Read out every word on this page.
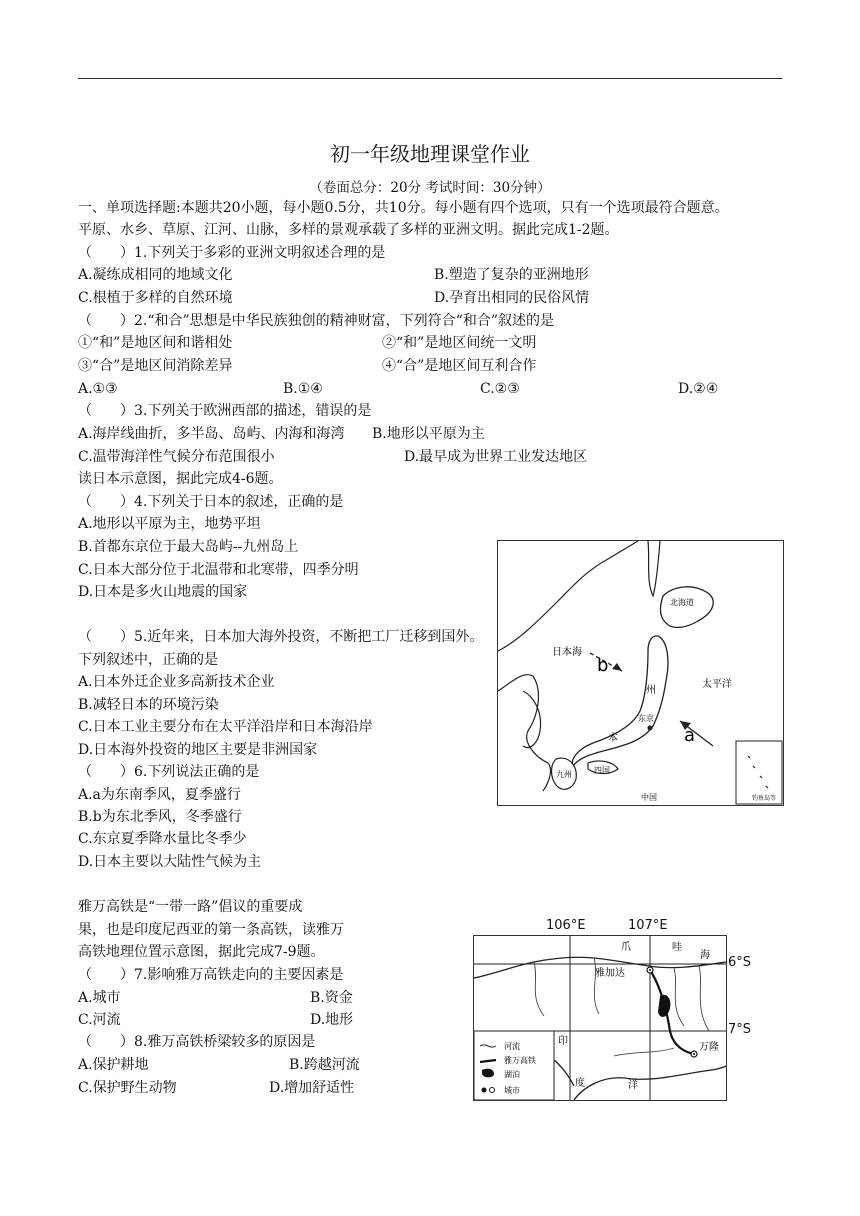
初一年级地理课堂作业
（卷面总分：20分 考试时间：30分钟）
一、单项选择题:本题共20小题，每小题0.5分，共10分。每小题有四个选项，只有一个选项最符合题意。
平原、水乡、草原、江河、山脉，多样的景观承载了多样的亚洲文明。据此完成1-2题。
（　　）1.下列关于多彩的亚洲文明叙述合理的是
A.凝练成相同的地域文化	B.塑造了复杂的亚洲地形
C.根植于多样的自然环境	D.孕育出相同的民俗风情
（　　）2.“和合”思想是中华民族独创的精神财富，下列符合“和合”叙述的是
①“和”是地区间和谐相处	②“和”是地区间统一文明
③“合”是地区间消除差异	④“合”是地区间互利合作
A.①③	B.①④	C.②③	D.②④
（　　）3.下列关于欧洲西部的描述，错误的是
A.海岸线曲折，多半岛、岛屿、内海和海湾 B.地形以平原为主
C.温带海洋性气候分布范围很小	D.最早成为世界工业发达地区
读日本示意图，据此完成4-6题。
（　　）4.下列关于日本的叙述，正确的是
A.地形以平原为主，地势平坦
B.首都东京位于最大岛屿--九州岛上
C.日本大部分位于北温带和北寒带，四季分明
D.日本是多火山地震的国家
（　　）5.近年来，日本加大海外投资，不断把工厂迁移到国外。
下列叙述中，正确的是
A.日本外迁企业多高新技术企业
B.减轻日本的环境污染
C.日本工业主要分布在太平洋沿岸和日本海沿岸
D.日本海外投资的地区主要是非洲国家
（　　）6.下列说法正确的是
A.a为东南季风，夏季盛行
B.b为东北季风，冬季盛行
C.东京夏季降水量比冬季少
D.日本主要以大陆性气候为主
雅万高铁是“一带一路”倡议的重要成
果，也是印度尼西亚的第一条高铁，读雅万
高铁地理位置示意图，据此完成7-9题。
（　　）7.影响雅万高铁走向的主要因素是
A.城市	B.资金
C.河流	D.地形
（　　）8.雅万高铁桥梁较多的原因是
A.保护耕地	B.跨越河流
C.保护野生动物	D.增加舒适性
北海道
日本海
b
太平洋
东京
a
州
本
四国
九州
中国	钓鱼岛等
106°E	107°E
6°S
7°S
河流
雅万高铁
湖泊
城市
爪	哇
海
雅加达
万隆
印
度	洋
